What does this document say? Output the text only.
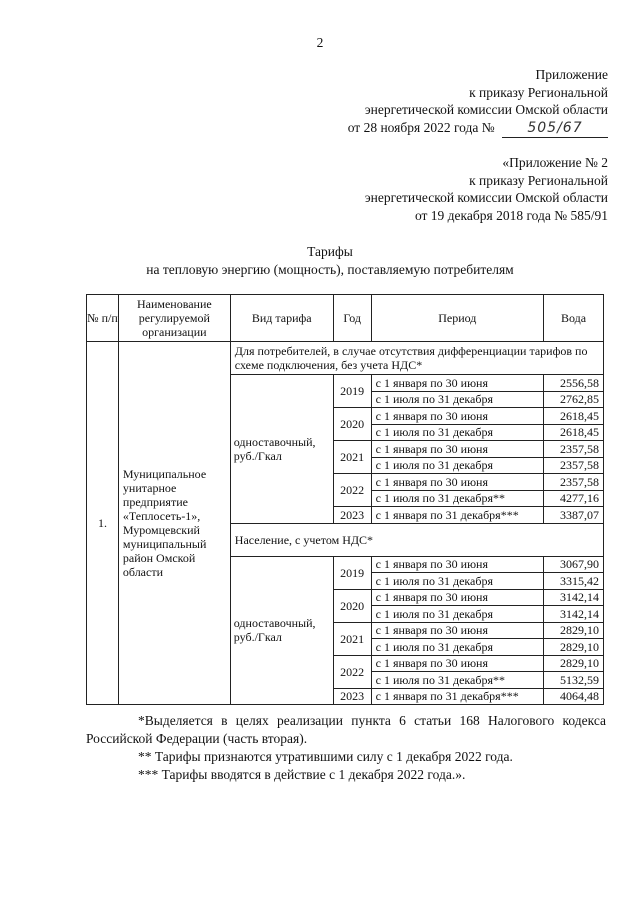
2
Приложение
к приказу Региональной
энергетической комиссии Омской области
от 28 ноября 2022 года № 505/67
«Приложение № 2
к приказу Региональной
энергетической комиссии Омской области
от 19 декабря 2018 года № 585/91
Тарифы
на тепловую энергию (мощность), поставляемую потребителям
№ п/п	Наименование регулируемой организации	Вид тарифа	Год	Период	Вода
1.	Муниципальное унитарное предприятие «Теплосеть-1», Муромцевский муниципальный район Омской области	Для потребителей, в случае отсутствия дифференциации тарифов по схеме подключения, без учета НДС*			
		одноставочный, руб./Гкал	2019	с 1 января по 30 июня	2556,58
				с 1 июля по 31 декабря	2762,85
			2020	с 1 января по 30 июня	2618,45
				с 1 июля по 31 декабря	2618,45
			2021	с 1 января по 30 июня	2357,58
				с 1 июля по 31 декабря	2357,58
			2022	с 1 января по 30 июня	2357,58
				с 1 июля по 31 декабря**	4277,16
			2023	с 1 января по 31 декабря***	3387,07
		Население, с учетом НДС*			
		одноставочный, руб./Гкал	2019	с 1 января по 30 июня	3067,90
				с 1 июля по 31 декабря	3315,42
			2020	с 1 января по 30 июня	3142,14
				с 1 июля по 31 декабря	3142,14
			2021	с 1 января по 30 июня	2829,10
				с 1 июля по 31 декабря	2829,10
			2022	с 1 января по 30 июня	2829,10
				с 1 июля по 31 декабря**	5132,59
			2023	с 1 января по 31 декабря***	4064,48
*Выделяется в целях реализации пункта 6 статьи 168 Налогового кодекса Российской Федерации (часть вторая).
** Тарифы признаются утратившими силу с 1 декабря 2022 года.
*** Тарифы вводятся в действие с 1 декабря 2022 года.».
